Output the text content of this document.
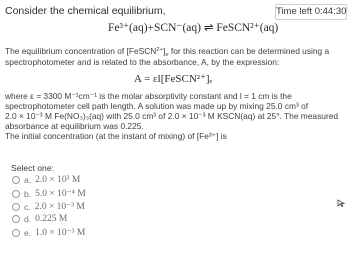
Consider the chemical equilibrium,	Time left 0:44:30
Fe³⁺(aq)+SCN⁻(aq) ⇌ FeSCN²⁺(aq)
The equilibrium concentration of $[FeSCN^{2+}]_e$ for this reaction can be determined using a
spectrophotometer and is related to the absorbance, A, by the expression:
A = εl[FeSCN²⁺]ₑ
where ε = 3300 M⁻¹cm⁻¹ is the molar absorptivity constant and l = 1 cm is the
spectrophotometer cell path length. A solution was made up by mixing 25.0 cm³ of
2.0 × 10⁻³ M Fe(NO₃)₃(aq) with 25.0 cm³ of 2.0 × 10⁻³ M KSCN(aq) at 25°. The measured
absorbance at equilibrium was 0.225.
The initial concentration (at the instant of mixing) of [Fe³⁺] is
Select one:
a. 2.0 × 10³ M
b. 5.0 × 10⁻⁴ M
c. 2.0 × 10⁻³ M
d. 0.225 M
e. 1.0 × 10⁻³ M
